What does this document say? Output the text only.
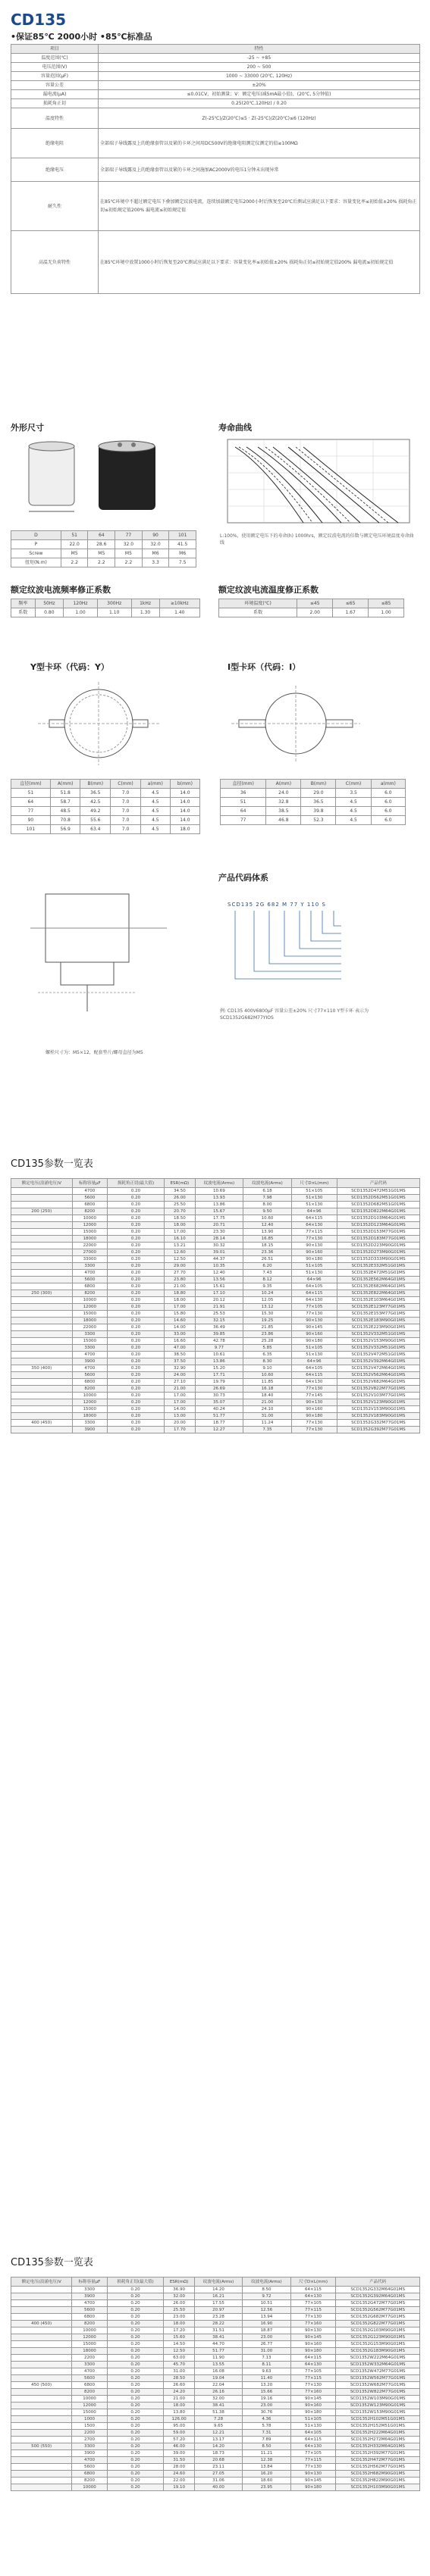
CD135
•保证85℃ 2000小时 •85℃标准品
项目	特性
温度范围(℃)	-25 ~ +85
电压范围(V)	200 ~ 500
容量范围(μF)	1000 ~ 33000 (20℃, 120Hz)
容量公差	±20%
漏电流(μA)	≤0.01CV，初始测量；V：额定电压(减5mA最小值)，(20℃, 5分钟值)
损耗角正切	0.25(20℃,120Hz) / 0.20
温度特性	Z(-25℃)/Z(20℃)≤5 · Z(-25℃)/Z(20℃)≤6 (120Hz)
绝缘电阻	全部端子导线露及上的绝缘套管以及紧的卡环之间用DC500V的绝缘电阻测定仪测定的值≥100MΩ
绝缘电压	全部端子导线露及上的绝缘套管以及紧的卡环之间施加AC2000V的电压1分钟未出现异常
耐久性	在85℃环境中不超过额定电压下叠加额定纹波电流，连续加载额定电压2000小时后恢复至20℃后测试应满足以下要求：容量变化率≤初始值±20% 损耗角正切≤初始规定值200% 漏电流≤初始规定值
高温无负荷特性	在85℃环境中放置1000小时后恢复至20℃测试应满足以下要求：容量变化率≤初始值±20% 损耗角正切≤初始规定值200% 漏电流≤初始规定值
外形尺寸
D	51	64	77	90	101
P	22.0	28.6	32.0	32.0	41.5
Screw	M5	M5	M5	M6	M6
扭矩(N.m)	2.2	2.2	2.2	3.3	7.5
寿命曲线
L:100%，使用额定电压下的寿命(h) 1000hrs，额定纹波电流的倍数与额定电压环境温度寿命曲线
额定纹波电流频率修正系数
频率	50Hz	120Hz	300Hz	1kHz	≥10kHz
系数	0.80	1.00	1.10	1.30	1.40
额定纹波电流温度修正系数
环境温度(℃)	≤45	≤65	≤85
系数	2.00	1.67	1.00
Y型卡环（代码：Y）
直径(mm)	A(mm)	B(mm)	C(mm)	a(mm)	b(mm)
51	51.8	36.5	7.0	4.5	14.0
64	58.7	42.5	7.0	4.5	14.0
77	48.5	49.2	7.0	4.5	14.0
90	70.8	55.6	7.0	4.5	14.0
101	56.9	63.4	7.0	4.5	18.0
I型卡环（代码：I）
直径(mm)	A(mm)	B(mm)	C(mm)	a(mm)
36	24.0	29.0	3.5	6.0
51	32.8	36.5	4.5	6.0
64	38.5	39.8	4.5	6.0
77	46.8	52.3	4.5	6.0
螺栓尺寸为：M5×12，配套垫片/螺母直径为M5
产品代码体系
SCD135 2G 682 M 77 Y 110 S
例: CD135 400V6800μF 容量公差±20% 尺寸77×110 Y型卡环 表示为 SCD1352G682M77YIOS
CD135参数一览表
额定电压(浪涌电压)V	标称容量μF	损耗角正切(最大值)	ESR(mΩ)	纹波电流(Arms)	纹波电流(Arms)	尺寸D×L(mm)	产品代码
	4700	0.20	34.50	10.69	6.18	51×105	SCD1352D472M51G01MS
	5600	0.20	26.00	13.93	7.98	51×130	SCD1352D562M51G01MS
	6800	0.20	25.50	13.86	8.00	51×130	SCD1352D682M51G01MS
200 (250)	8200	0.20	20.70	15.67	9.50	64×96	SCD1352D822M64G01MS
	10000	0.20	18.50	17.75	10.60	64×115	SCD1352D103M64G01MS
	12000	0.20	18.00	20.71	12.40	64×130	SCD1352D123M64G01MS
	15000	0.20	17.00	23.30	13.90	77×115	SCD1352D153M77G01MS
	18000	0.20	16.10	28.14	16.85	77×130	SCD1352D183M77G01MS
	22000	0.20	13.21	30.32	18.15	90×130	SCD1352D223M90G01MS
	27000	0.20	12.60	39.01	23.36	90×160	SCD1352D273M90G01MS
	33000	0.20	12.50	44.37	26.51	90×180	SCD1352D333M90G01MS
	3300	0.20	29.00	10.35	6.20	51×105	SCD1352E332M51G01MS
	4700	0.20	27.70	12.40	7.43	51×130	SCD1352E472M51G01MS
	5600	0.20	23.80	13.56	8.12	64×96	SCD1352E562M64G01MS
	6800	0.20	21.00	15.61	9.35	64×105	SCD1352E682M64G01MS
250 (300)	8200	0.20	18.80	17.10	10.24	64×115	SCD1352E822M64G01MS
	10000	0.20	18.00	20.12	12.05	64×130	SCD1352E103M64G01MS
	12000	0.20	17.00	21.91	13.12	77×105	SCD1352E123M77G01MS
	15000	0.20	15.80	25.53	15.30	77×130	SCD1352E153M77G01MS
	18000	0.20	14.60	32.15	19.25	90×130	SCD1352E183M90G01MS
	22000	0.20	14.00	36.49	21.85	90×145	SCD1352E223M90G01MS
	3300	0.20	33.00	39.85	23.86	90×160	SCD1352V332M51G01MS
	15000	0.20	16.60	42.78	25.28	90×180	SCD1352V153M90G01MS
	3300	0.20	47.00	9.77	5.85	51×105	SCD1352V332M51G01MS
	4700	0.20	38.50	10.61	6.35	51×130	SCD1352V472M51G01MS
	3900	0.20	37.50	13.86	8.30	64×96	SCD1352V392M64G01MS
350 (400)	4700	0.20	32.90	15.20	9.10	64×105	SCD1352V472M64G01MS
	5600	0.20	24.00	17.71	10.60	64×115	SCD1352V562M64G01MS
	6800	0.20	27.10	19.79	11.85	64×130	SCD1352V682M64G01MS
	8200	0.20	21.00	26.69	16.18	77×130	SCD1352V822M77G01MS
	10000	0.20	17.00	30.73	18.40	77×145	SCD1352V103M77G01MS
	12000	0.20	17.00	35.07	21.00	90×130	SCD1352V123M90G01MS
	15000	0.20	14.00	40.24	24.10	90×160	SCD1352V153M90G01MS
	18000	0.20	13.00	51.77	31.00	90×180	SCD1352V183M90G01MS
400 (450)	3300	0.20	20.00	18.77	11.24	77×130	SCD1352G332M77G01MS
	3900	0.20	17.70	12.27	7.35	77×130	SCD1352G392M77G01MS
CD135参数一览表
额定电压(浪涌电压)V	标称容量μF	损耗角正切(最大值)	ESR(mΩ)	纹波电流(Arms)	纹波电流(Arms)	尺寸D×L(mm)	产品代码
	3300	0.20	36.90	14.20	8.50	64×115	SCD1352G332M64G01MS
	3900	0.20	32.00	16.21	9.72	64×130	SCD1352G392M64G01MS
	4700	0.20	26.00	17.55	10.51	77×105	SCD1352G472M77G01MS
	5600	0.20	25.50	20.97	12.56	77×115	SCD1352G562M77G01MS
	6800	0.20	23.00	23.28	13.94	77×130	SCD1352G682M77G01MS
400 (450)	8200	0.20	18.00	28.22	16.90	77×160	SCD1352G822M77G01MS
	10000	0.20	17.20	31.51	18.87	90×130	SCD1352G103M90G01MS
	12000	0.20	15.60	38.41	23.00	90×145	SCD1352G123M90G01MS
	15000	0.20	14.50	44.70	26.77	90×160	SCD1352G153M90G01MS
	18000	0.20	12.50	51.77	31.00	90×180	SCD1352G183M90G01MS
	2200	0.20	63.00	11.90	7.13	64×115	SCD1352W222M64G01MS
	3300	0.20	45.70	13.55	8.11	64×130	SCD1352W332M64G01MS
	4700	0.20	31.00	16.08	9.63	77×105	SCD1352W472M77G01MS
	5600	0.20	28.50	19.04	11.40	77×115	SCD1352W562M77G01MS
450 (500)	6800	0.20	26.60	22.04	13.20	77×130	SCD1352W682M77G01MS
	8200	0.20	24.20	26.16	15.66	77×160	SCD1352W822M77G01MS
	10000	0.20	21.00	32.00	19.16	90×145	SCD1352W103M90G01MS
	12000	0.20	18.00	38.41	23.00	90×160	SCD1352W123M90G01MS
	15000	0.20	13.80	51.38	30.76	90×180	SCD1352W153M90G01MS
	1000	0.20	126.00	7.28	4.36	51×105	SCD1352H102M51G01MS
	1500	0.20	95.00	9.65	5.78	51×130	SCD1352H152M51G01MS
	2200	0.20	59.00	12.21	7.31	64×105	SCD1352H222M64G01MS
	2700	0.20	57.20	13.17	7.89	64×115	SCD1352H272M64G01MS
500 (550)	3300	0.20	46.00	14.20	8.50	64×130	SCD1352H332M64G01MS
	3900	0.20	39.00	18.73	11.21	77×105	SCD1352H392M77G01MS
	4700	0.20	31.50	20.68	12.38	77×115	SCD1352H472M77G01MS
	5600	0.20	28.00	23.11	13.84	77×130	SCD1352H562M77G01MS
	6800	0.20	24.60	27.05	16.20	90×130	SCD1352H682M90G01MS
	8200	0.20	22.00	31.06	18.60	90×145	SCD1352H822M90G01MS
	10000	0.20	19.10	40.00	23.95	90×180	SCD1352H103M90G01MS
